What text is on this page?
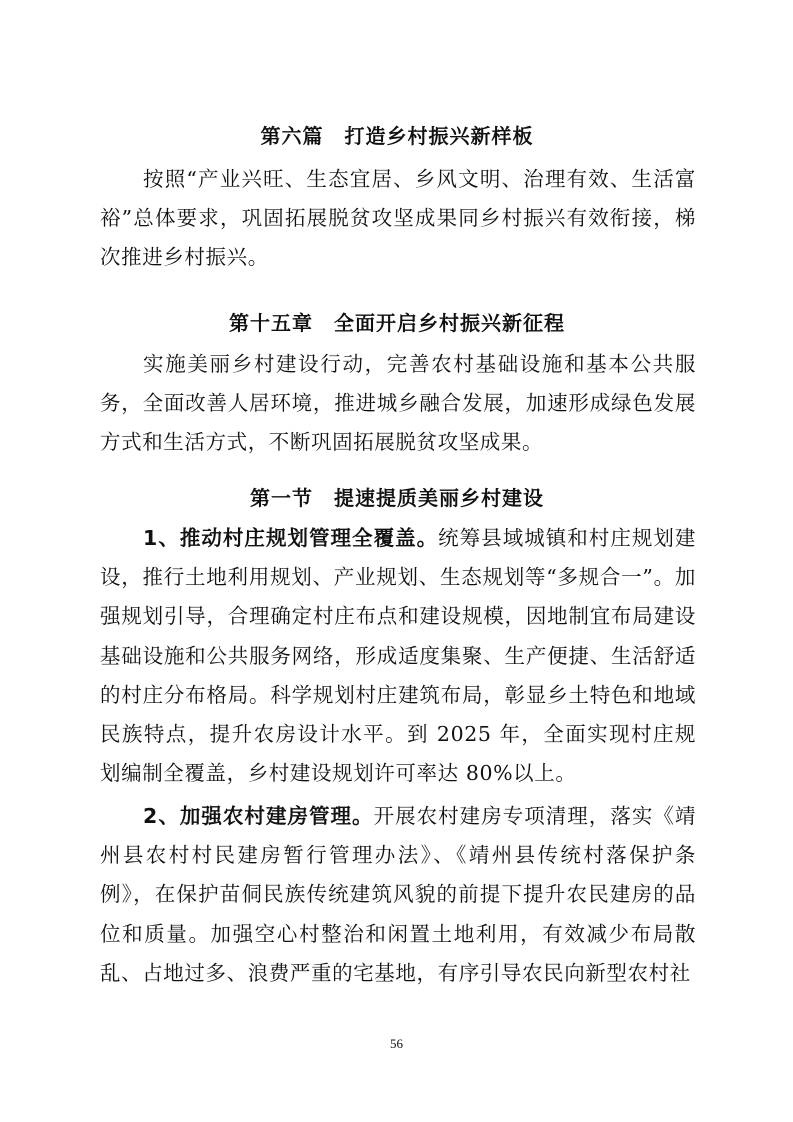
第六篇　打造乡村振兴新样板

按照“产业兴旺、生态宜居、乡风文明、治理有效、生活富裕”总体要求，巩固拓展脱贫攻坚成果同乡村振兴有效衔接，梯次推进乡村振兴。

第十五章　全面开启乡村振兴新征程

实施美丽乡村建设行动，完善农村基础设施和基本公共服务，全面改善人居环境，推进城乡融合发展，加速形成绿色发展方式和生活方式，不断巩固拓展脱贫攻坚成果。

第一节　提速提质美丽乡村建设

1、推动村庄规划管理全覆盖。统筹县域城镇和村庄规划建设，推行土地利用规划、产业规划、生态规划等“多规合一”。加强规划引导，合理确定村庄布点和建设规模，因地制宜布局建设基础设施和公共服务网络，形成适度集聚、生产便捷、生活舒适的村庄分布格局。科学规划村庄建筑布局，彰显乡土特色和地域民族特点，提升农房设计水平。到 2025 年，全面实现村庄规划编制全覆盖，乡村建设规划许可率达 80%以上。

2、加强农村建房管理。开展农村建房专项清理，落实《靖州县农村村民建房暂行管理办法》、《靖州县传统村落保护条例》，在保护苗侗民族传统建筑风貌的前提下提升农民建房的品位和质量。加强空心村整治和闲置土地利用，有效减少布局散乱、占地过多、浪费严重的宅基地，有序引导农民向新型农村社

56
